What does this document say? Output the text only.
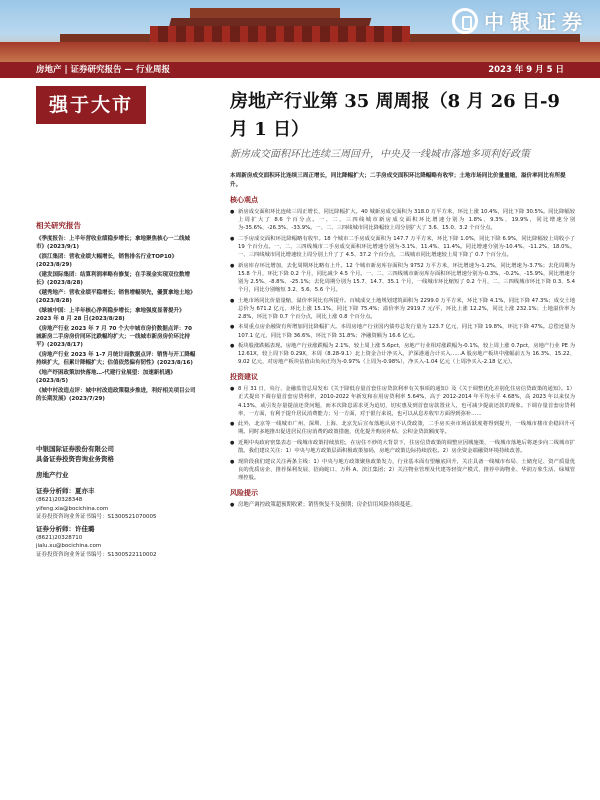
中银证券
房地产 | 证券研究报告 — 行业周报	2023 年 9 月 5 日
强于大市
相关研究报告
《季度报告：上半年营收业绩稳步增长；拿地聚焦核心一二线城市》(2023/9/1)
《滨江集团：营收业绩大幅增长，销售排名行业TOP10》(2023/8/29)
《建发国际集团：结算利润率略有修复；在手现金实现双位数增长》(2023/8/28)
《越秀地产：营收业绩平稳增长；销售增幅领先，優質拿地土地》(2023/8/28)
《绿城中国：上半年核心净利稳步增长；拿地强度显著提升》2023 年 8 月 28 日(2023/8/28)
《房地产行业 2023 年 7 月 70 个大中城市房价数据点评：70 城新房二手房房价同环比跌幅均扩大；一线城市新房房价环比持平》(2023/8/17)
《房地产行业 2023 年 1-7 月统计局数据点评：销售与开工降幅持续扩大，但累计降幅扩大；估值依然偏有韧性》(2023/8/16)
《地产纾困政策加快落地…-代建行业展望：加速新机遇》(2023/8/5)
《城中村改造点评：城中村改造政策稳步推进，利好相关项目公司的长期发展》(2023/7/29)
中银国际证券股份有限公司
具备证券投资咨询业务资格
房地产行业
证券分析师：夏亦丰
(8621)20328348
yifeng.xia@bocichina.com
证券投资咨询业务证书编号：S1300521070005
证券分析师：许佳璐
(8621)20328710
jialu.xu@bocichina.com
证券投资咨询业务证书编号：S1300522110002
房地产行业第 35 周周报（8 月 26 日-9 月 1 日）
新房成交面积环比连续三周回升，中央及一线城市落地多项利好政策
本周新房成交面积环比连续三周正增长，同比降幅扩大；二手房成交面积环比降幅略有收窄；土地市场同比价量量缩，溢价率同比有所提升。
核心观点
● 新房成交面积环比连续三周正增长，同比降幅扩大。40 城新房成交面积为 318.0 万平方米，环比上涨 10.4%，同比下降 30.5%。同比降幅较上周扩大了 8.6 个百分点。一、二、三四线城市新房成交面积环比增速分别为 1.8%、9.3%、19.9%，同比增速分别为-35.6%、-26.3%、-33.9%。一、二、三四线城市同比降幅较上周分别扩大了 3.6、15.0、3.2 个百分点。
● 二手房成交面积环比降幅略有收窄。18 个城市二手房成交面积为 147.7 万平方米，环比下降 1.0%，同比下降 6.9%，同比降幅较上周收小了 19 个百分点。一、二、三四线城市二手房成交面积环比增速分别为-3.1%、11.4%、11.4%。同比增速分别为-10.4%、-11.2%、18.0%。一、三四线城市同比增速较上周分别上升了了 4.5、37.2 个百分点，二线城市同比增速较上周下降了 0.7 个百分点。
● 新房库存环比增加，去化周期环比略有上升。12 个城市新房库存面积为 9752 万平方米，环比增速为-1.2%，同比增速为-3.7%；去化周期为 15.8 个月，环比下降 0.2 个月，同比减少 4.5 个月。一、二、三四线城市新房库存面积环比增速分别为-0.3%、-0.2%、-15.9%，同比增速分别为 2.5%、-8.8%、-25.1%；去化周期分别为 15.7、14.7、35.1 个月，一线城市环比缩短了 0.2 个月，二、三四线城市环比下降 0.3、5.4 个月，同比分别缩短 3.2、5.6、5.6 个月。
● 土地市场同比价量量缩，溢价率同比有所提升。百城成交土地规划建筑面积为 2299.0 万平方米，环比下降 4.1%，同比下降 47.3%；成交土地总价为 671.2 亿元，环比上涨 15.1%，同比下降 75.4%；溢价率为 2919.7 元/平，环比上涨 12.2%，同比上涨 232.1%；土地溢价率为 2.8%，环比下降 0.7 个百分点，同比上涨 0.8 个百分点。
● 本周重点房企融资有所增加同比降幅扩大。本周房地产行业国内债券总发行量为 123.7 亿元，同比下降 19.8%，环比下降 47%。总偿还量为 107.1 亿元，同比下降 36.6%，环比下降 31.8%；净融资额为 16.6 亿元。
● 板块股涨跌幅表现。房地产行业涨跌幅为 2.1%，较上周上涨 5.6pct，房地产行业相对涨跌幅为-0.1%，较上周上涨 0.7pct，房地产行业 PE 为 12.61X，较上周下降 0.29X，本周（8.28-9.1）北上资金合计净买入，沪深港通合计买入……A 股房地产板块中涨幅前五为 16.3%、15.22、9.02 亿元，对房地产板块估值由负向正均为-0.97%（上周为-0.98%），净买入-1.04 亿元（上周净买入-2.18 亿元）。
投资建议
● 8 月 31 日，央行、金融监管总局发布《关于降低存量首套住房贷款利率有关事项的通知》及《关于调整优化差别化住房信贷政策的通知》。1）正式提出下调存量首套房贷利率，2010-2022 年新发和在用房贷利率 5.64%，高于 2012-2014 年平均水平 4.68%，高 2023 年以来仅为 4.13%，或引发存量提前还贷问题，而本次降息需求更为迫切，切实惠及到首套房款置业人，也可减少提前还款的现象。下调存量首套房贷利率，一方面，有利于提升居民消费能力；另一方面，对于银行来说，也可以从息差收窄方面得到弥补……
● 此外，北京等一线城市广州、深圳、上海、北京先后宣布落地认房不认贷政策，二手房买卖市场活跃度将得到提升，一线城市楼市企稳回升可期。同时多地推出促进居民住房消费的政策措施，优化提升购房补贴、公积金贷款额度等。
● 近期中央政府密集表态一线城市政策持续放松，在房住不炒的大背景下，住房信贷政策的调整应因城施策，一线城市落地后将逐步向二线城市扩散。我们建议关注：1）中央与地方政策层面积极政策加码，房地产政策边际持续放松。2）房企资金端融资环境持续改善。
● 现阶段我们建议关注两条主线：1）中央与地方政策聚焦政策发力，行业基本面有望触底回升，关注具备一线城市布局、土储充足、资产质量优良的优质房企，推荐保利发展、招商蛇口、万科 A、滨江集团；2）关注物业管理及代建等轻资产模式，推荐中海物业、华润万象生活、绿城管理控股。
风险提示
● 房地产调控政策超预期收紧；销售恢复不及预期；房企信用风险持续蔓延。
